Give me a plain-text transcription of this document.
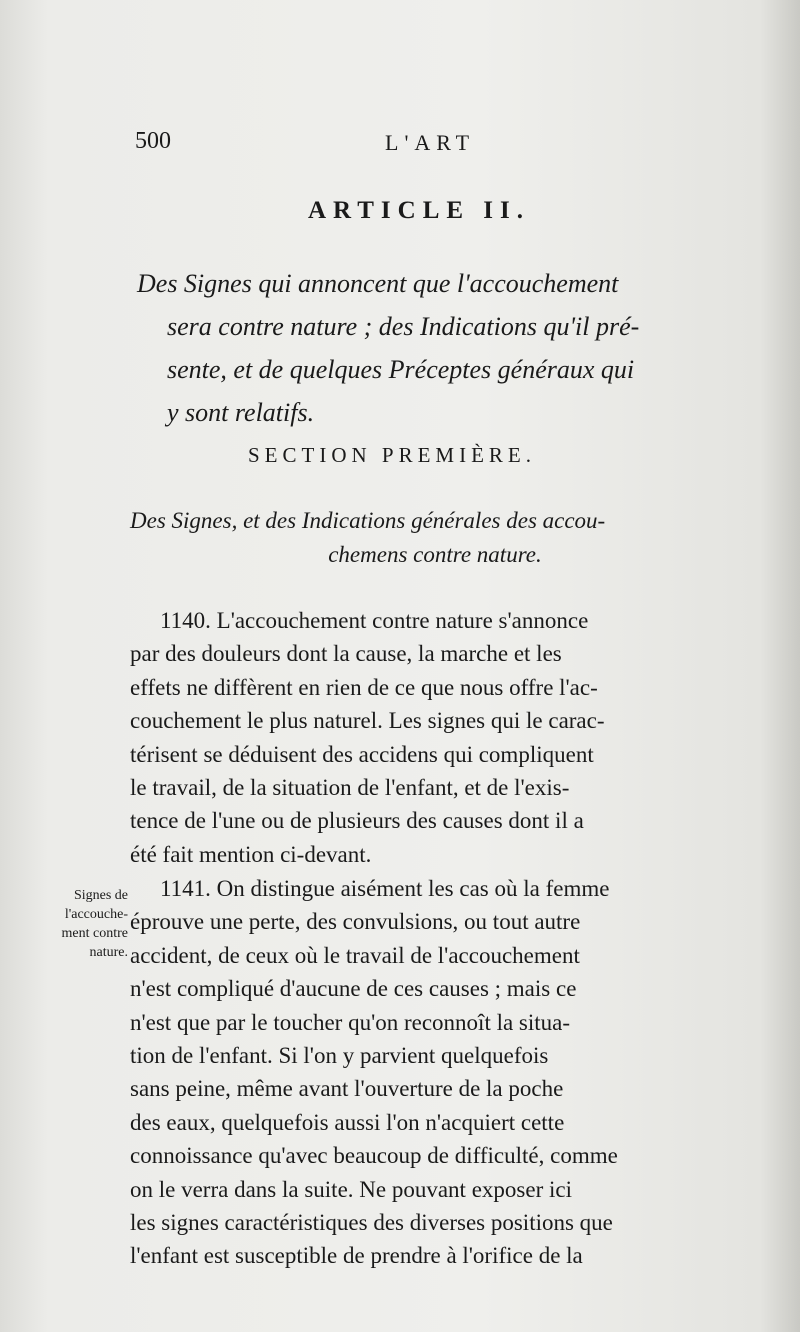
500	L'ART
ARTICLE II.
Des Signes qui annoncent que l'accouchement
sera contre nature ; des Indications qu'il pré-
sente, et de quelques Préceptes généraux qui
y sont relatifs.
SECTION PREMIÈRE.
Des Signes, et des Indications générales des accou-
chemens contre nature.
1140. L'accouchement contre nature s'annonce
par des douleurs dont la cause, la marche et les
effets ne diffèrent en rien de ce que nous offre l'ac-
couchement le plus naturel. Les signes qui le carac-
térisent se déduisent des accidens qui compliquent
le travail, de la situation de l'enfant, et de l'exis-
tence de l'une ou de plusieurs des causes dont il a
été fait mention ci-devant.
Signes de
l'accouche-
ment contre
nature.
1141. On distingue aisément les cas où la femme
éprouve une perte, des convulsions, ou tout autre
accident, de ceux où le travail de l'accouchement
n'est compliqué d'aucune de ces causes ; mais ce
n'est que par le toucher qu'on reconnoît la situa-
tion de l'enfant. Si l'on y parvient quelquefois
sans peine, même avant l'ouverture de la poche
des eaux, quelquefois aussi l'on n'acquiert cette
connoissance qu'avec beaucoup de difficulté, comme
on le verra dans la suite. Ne pouvant exposer ici
les signes caractéristiques des diverses positions que
l'enfant est susceptible de prendre à l'orifice de la
